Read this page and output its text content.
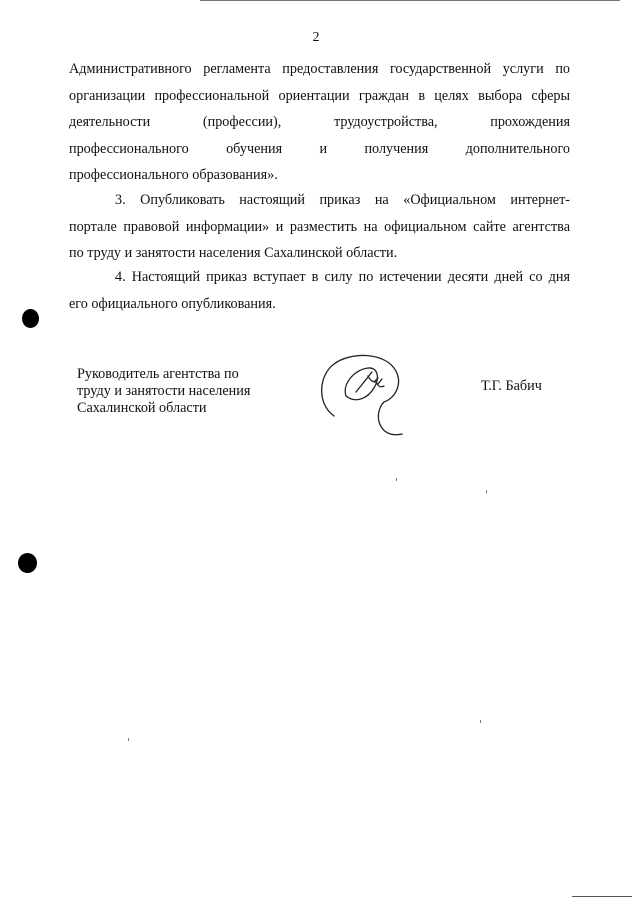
2
Административного регламента предоставления государственной услуги по
организации профессиональной ориентации граждан в целях выбора сферы
деятельности (профессии), трудоустройства, прохождения
профессионального обучения и получения дополнительного
профессионального образования».
3. Опубликовать настоящий приказ на «Официальном интернет-
портале правовой информации» и разместить на официальном сайте агентства
по труду и занятости населения Сахалинской области.
4. Настоящий приказ вступает в силу по истечении десяти дней со дня
его официального опубликования.
Руководитель агентства по
труду и занятости населения
Сахалинской области
Т.Г. Бабич
